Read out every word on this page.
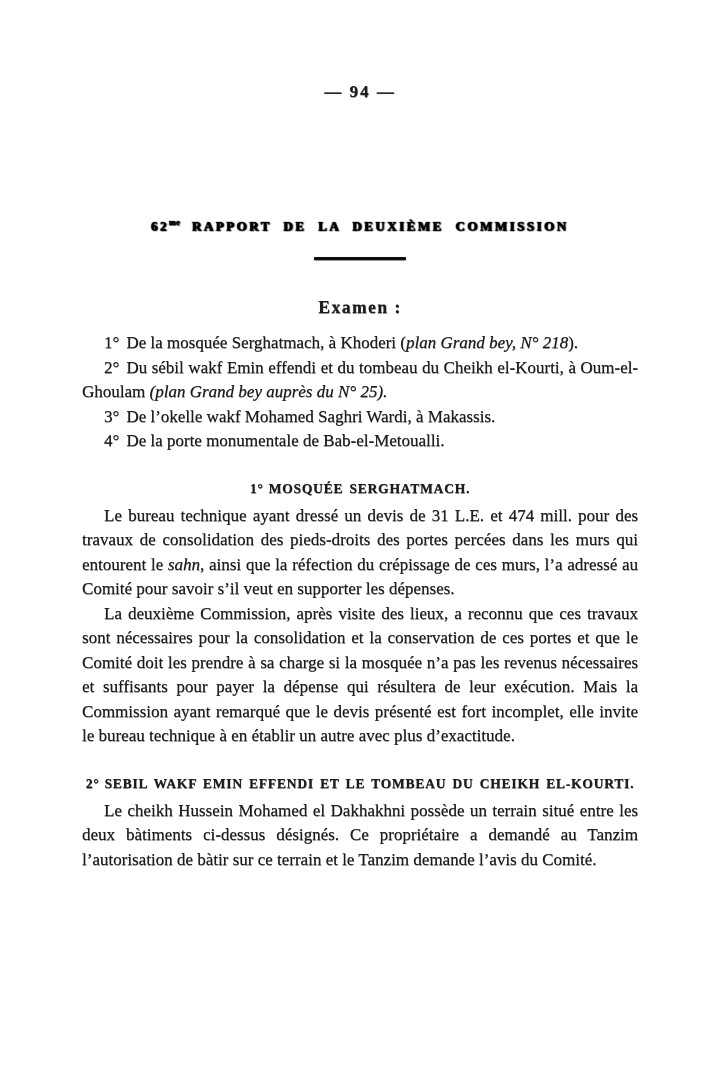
— 94 —
$62^{me}$ RAPPORT DE LA DEUXIÈME COMMISSION
Examen :

1° De la mosquée Serghatmach, à Khoderi (plan Grand bey, N° 218).

2° Du sébil wakf Emin effendi et du tombeau du Cheikh el-Kourti, à Oum-el-Ghoulam (plan Grand bey auprès du N° 25).

3° De l’okelle wakf Mohamed Saghri Wardi, à Makassis.

4° De la porte monumentale de Bab-el-Metoualli.

1° MOSQUÉE SERGHATMACH.

Le bureau technique ayant dressé un devis de 31 L.E. et 474 mill. pour des travaux de consolidation des pieds-droits des portes percées dans les murs qui entourent le sahn, ainsi que la réfection du crépissage de ces murs, l’a adressé au Comité pour savoir s’il veut en supporter les dépenses.

La deuxième Commission, après visite des lieux, a reconnu que ces travaux sont nécessaires pour la consolidation et la conservation de ces portes et que le Comité doit les prendre à sa charge si la mosquée n’a pas les revenus nécessaires et suffisants pour payer la dépense qui résultera de leur exécution. Mais la Commission ayant remarqué que le devis présenté est fort incomplet, elle invite le bureau technique à en établir un autre avec plus d’exactitude.

2° SEBIL WAKF EMIN EFFENDI ET LE TOMBEAU DU CHEIKH EL-KOURTI.

Le cheikh Hussein Mohamed el Dakhakhni possède un terrain situé entre les deux bàtiments ci-dessus désignés. Ce propriétaire a demandé au Tanzim l’autorisation de bàtir sur ce terrain et le Tanzim demande l’avis du Comité.
